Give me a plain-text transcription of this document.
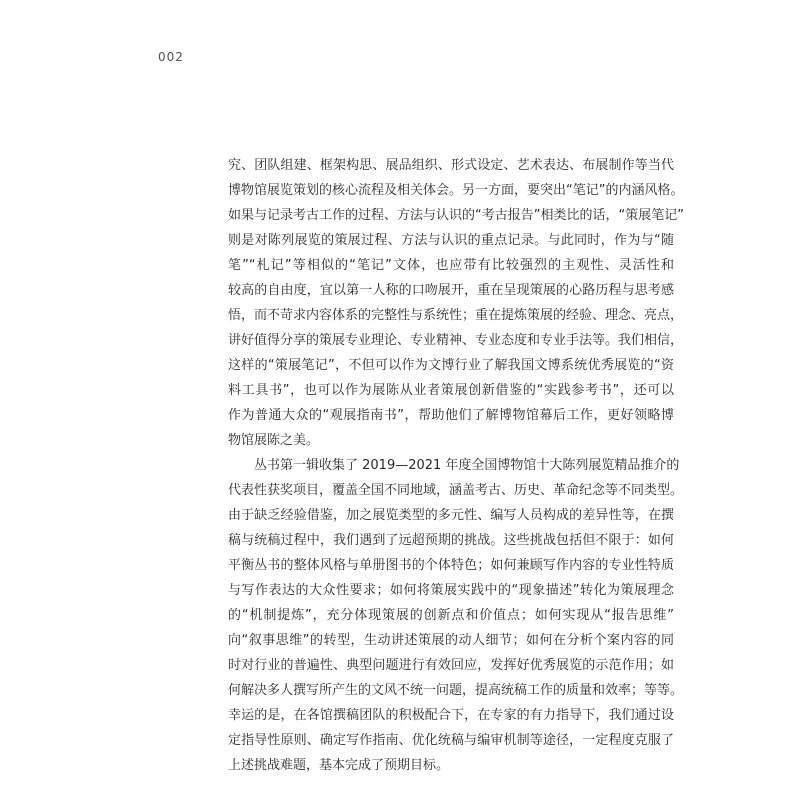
002
究、团队组建、框架构思、展品组织、形式设定、艺术表达、布展制作等当代
博物馆展览策划的核心流程及相关体会。另一方面，要突出“笔记”的内涵风格。
如果与记录考古工作的过程、方法与认识的“考古报告”相类比的话，“策展笔记”
则是对陈列展览的策展过程、方法与认识的重点记录。与此同时，作为与“随
笔”“札记”等相似的“笔记”文体，也应带有比较强烈的主观性、灵活性和
较高的自由度，宜以第一人称的口吻展开，重在呈现策展的心路历程与思考感
悟，而不苛求内容体系的完整性与系统性；重在提炼策展的经验、理念、亮点，
讲好值得分享的策展专业理论、专业精神、专业态度和专业手法等。我们相信，
这样的“策展笔记”，不但可以作为文博行业了解我国文博系统优秀展览的“资
料工具书”，也可以作为展陈从业者策展创新借鉴的“实践参考书”，还可以
作为普通大众的“观展指南书”，帮助他们了解博物馆幕后工作，更好领略博
物馆展陈之美。
丛书第一辑收集了 2019—2021 年度全国博物馆十大陈列展览精品推介的
代表性获奖项目，覆盖全国不同地域，涵盖考古、历史、革命纪念等不同类型。
由于缺乏经验借鉴，加之展览类型的多元性、编写人员构成的差异性等，在撰
稿与统稿过程中，我们遇到了远超预期的挑战。这些挑战包括但不限于：如何
平衡丛书的整体风格与单册图书的个体特色；如何兼顾写作内容的专业性特质
与写作表达的大众性要求；如何将策展实践中的“现象描述”转化为策展理念
的“机制提炼”，充分体现策展的创新点和价值点；如何实现从“报告思维”
向“叙事思维”的转型，生动讲述策展的动人细节；如何在分析个案内容的同
时对行业的普遍性、典型问题进行有效回应，发挥好优秀展览的示范作用；如
何解决多人撰写所产生的文风不统一问题，提高统稿工作的质量和效率；等等。
幸运的是，在各馆撰稿团队的积极配合下，在专家的有力指导下，我们通过设
定指导性原则、确定写作指南、优化统稿与编审机制等途径，一定程度克服了
上述挑战难题，基本完成了预期目标。
